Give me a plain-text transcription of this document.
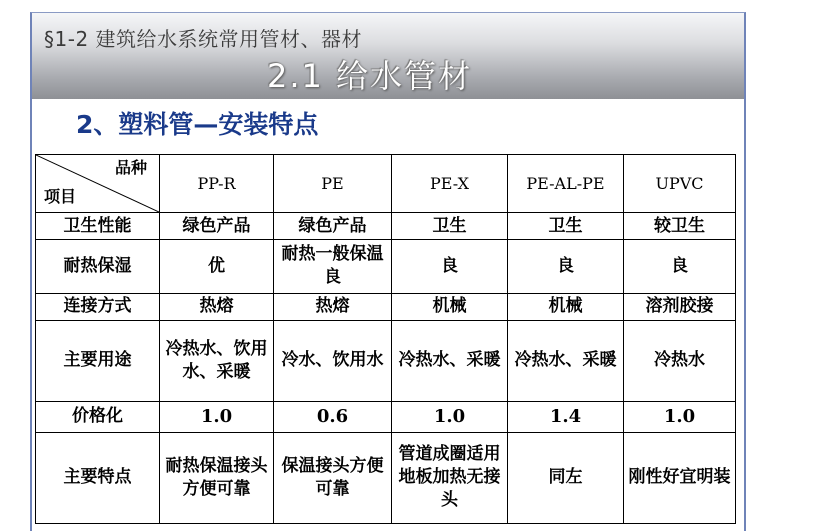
§1-2 建筑给水系统常用管材、器材
2.1 给水管材
2、塑料管—安装特点
品种
项目	PP-R	PE	PE-X	PE-AL-PE	UPVC
卫生性能	绿色产品	绿色产品	卫生	卫生	较卫生
耐热保湿	优	耐热一般保温良	良	良	良
连接方式	热熔	热熔	机械	机械	溶剂胶接
主要用途	冷热水、饮用水、采暖	冷水、饮用水	冷热水、采暖	冷热水、采暖	冷热水
价格化	1.0	0.6	1.0	1.4	1.0
主要特点	耐热保温接头方便可靠	保温接头方便可靠	管道成圈适用地板加热无接头	同左	刚性好宜明装
